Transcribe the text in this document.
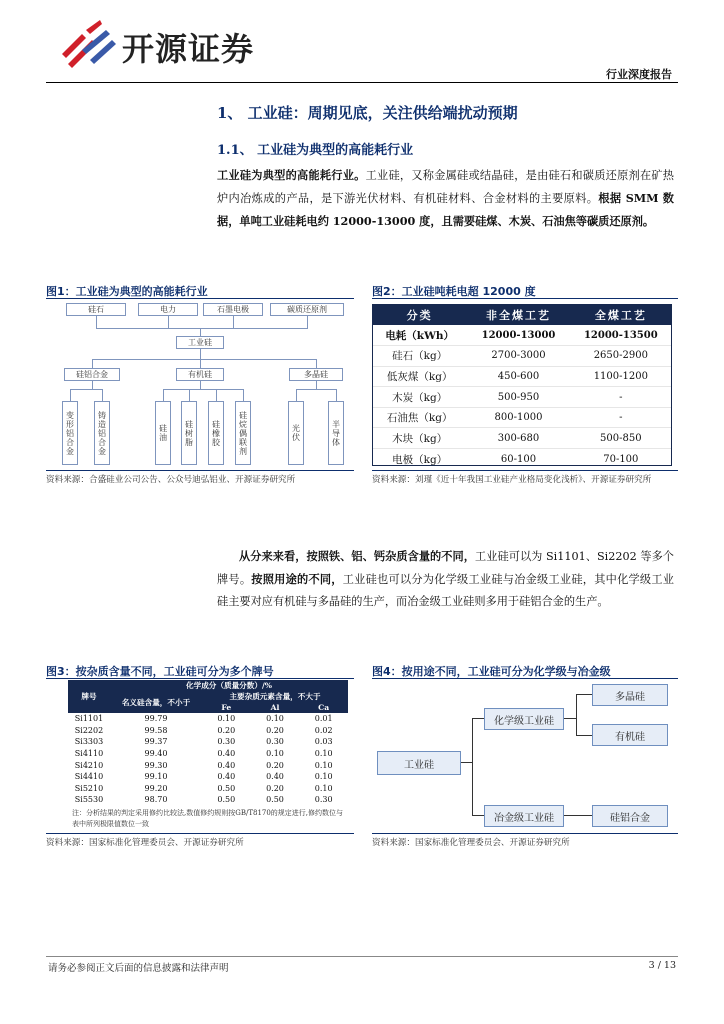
开源证券
行业深度报告
1、 工业硅：周期见底，关注供给端扰动预期
1.1、 工业硅为典型的高能耗行业
工业硅为典型的高能耗行业。工业硅，又称金属硅或结晶硅，是由硅石和碳质还原剂在矿热炉内冶炼成的产品，是下游光伏材料、有机硅材料、合金材料的主要原料。根据 SMM 数据，单吨工业硅耗电约 12000-13000 度，且需要硅煤、木炭、石油焦等碳质还原剂。
图1：工业硅为典型的高能耗行业
硅石	电力	石墨电极	碳质还原剂
工业硅
硅铝合金	有机硅	多晶硅
变形铝合金	铸造铝合金	硅油	硅树脂	硅橡胶	硅烷偶联剂	光伏	半导体
资料来源：合盛硅业公司公告、公众号迪弘铝业、开源证券研究所
图2：工业硅吨耗电超 12000 度
分类	非全煤工艺	全煤工艺
电耗（kWh）	12000-13000	12000-13500
硅石（kg）	2700-3000	2650-2900
低灰煤（kg）	450-600	1100-1200
木炭（kg）	500-950	-
石油焦（kg）	800-1000	-
木块（kg）	300-680	500-850
电极（kg）	60-100	70-100
资料来源：刘瑾《近十年我国工业硅产业格局变化浅析》、开源证券研究所
从分来来看，按照铁、铝、钙杂质含量的不同，工业硅可以为 Si1101、Si2202 等多个牌号。按照用途的不同，工业硅也可以分为化学级工业硅与冶金级工业硅，其中化学级工业硅主要对应有机硅与多晶硅的生产，而冶金级工业硅则多用于硅铝合金的生产。
图3：按杂质含量不同，工业硅可分为多个牌号
牌号	化学成分（质量分数）/%			
	名义硅含量，不小于	主要杂质元素含量，不大于		
		Fe	Al	Ca
Si1101	99.79	0.10	0.10	0.01
Si2202	99.58	0.20	0.20	0.02
Si3303	99.37	0.30	0.30	0.03
Si4110	99.40	0.40	0.10	0.10
Si4210	99.30	0.40	0.20	0.10
Si4410	99.10	0.40	0.40	0.10
Si5210	99.20	0.50	0.20	0.10
Si5530	98.70	0.50	0.50	0.30
注：分析结果的判定采用修约比较法,数值修约规则按GB/T8170的规定进行,修约数位与表中所列极限值数位一致				
资料来源：国家标准化管理委员会、开源证券研究所
图4：按用途不同，工业硅可分为化学级与冶金级
工业硅
化学级工业硅
冶金级工业硅
多晶硅
有机硅
硅铝合金
资料来源：国家标准化管理委员会、开源证券研究所
请务必参阅正文后面的信息披露和法律声明	3 / 13
